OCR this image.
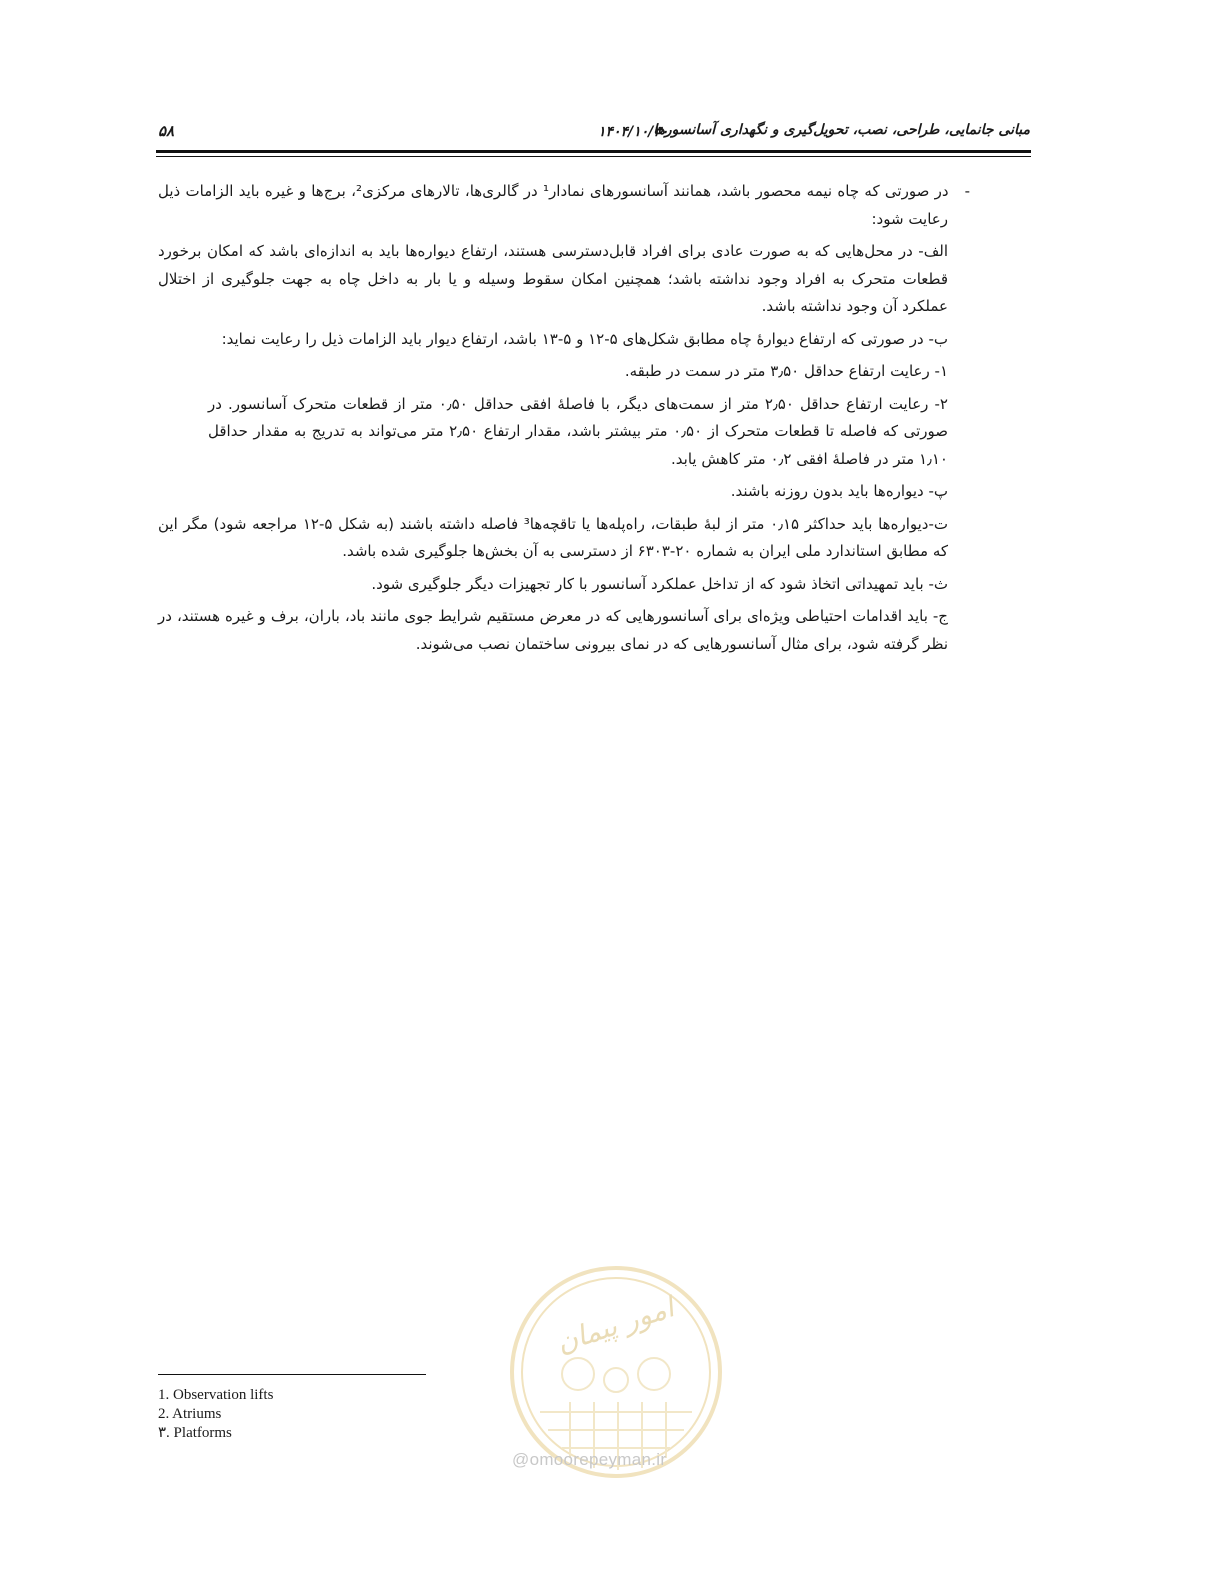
۵۸	۱۴۰۴/۱۰/۳۰
مبانی جانمایی، طراحی، نصب، تحویل‌گیری و نگهداری آسانسورها

-در صورتی که چاه نیمه محصور باشد، همانند آسانسورهای نمادار¹ در گالری‌ها، تالارهای مرکزی²، برج‌ها و غیره باید الزامات ذیل رعایت شود:

الف- در محل‌هایی که به صورت عادی برای افراد قابل‌دسترسی هستند، ارتفاع دیواره‌ها باید به اندازه‌ای باشد که امکان برخورد قطعات متحرک به افراد وجود نداشته باشد؛ همچنین امکان سقوط وسیله و یا بار به داخل چاه به جهت جلوگیری از اختلال عملکرد آن وجود نداشته باشد.

ب- در صورتی که ارتفاع دیوارۀ چاه مطابق شکل‌های ۵-۱۲ و ۵-۱۳ باشد، ارتفاع دیوار باید الزامات ذیل را رعایت نماید:

۱- رعایت ارتفاع حداقل ۳٫۵۰ متر در سمت در طبقه.

۲- رعایت ارتفاع حداقل ۲٫۵۰ متر از سمت‌های دیگر، با فاصلۀ افقی حداقل ۰٫۵۰ متر از قطعات متحرک آسانسور. در صورتی که فاصله تا قطعات متحرک از ۰٫۵۰ متر بیشتر باشد، مقدار ارتفاع ۲٫۵۰ متر می‌تواند به تدریج به مقدار حداقل ۱٫۱۰ متر در فاصلۀ افقی ۰٫۲ متر کاهش یابد.

پ- دیواره‌ها باید بدون روزنه باشند.

ت-دیواره‌ها باید حداکثر ۰٫۱۵ متر از لبۀ طبقات، راه‌پله‌ها یا تاقچه‌ها³ فاصله داشته باشند (به شکل ۵-۱۲ مراجعه شود) مگر این که مطابق استاندارد ملی ایران به شماره ۲۰-۶۳۰۳ از دسترسی به آن بخش‌ها جلوگیری شده باشد.

ث- باید تمهیداتی اتخاذ شود که از تداخل عملکرد آسانسور با کار تجهیزات دیگر جلوگیری شود.

ج- باید اقدامات احتیاطی ویژه‌ای برای آسانسورهایی که در معرض مستقیم شرایط جوی مانند باد، باران، برف و غیره هستند، در نظر گرفته شود، برای مثال آسانسورهایی که در نمای بیرونی ساختمان نصب می‌شوند.

امور پیمان
@omoorepeyman.ir
1. Observation lifts
2. Atriums
۳. Platforms
